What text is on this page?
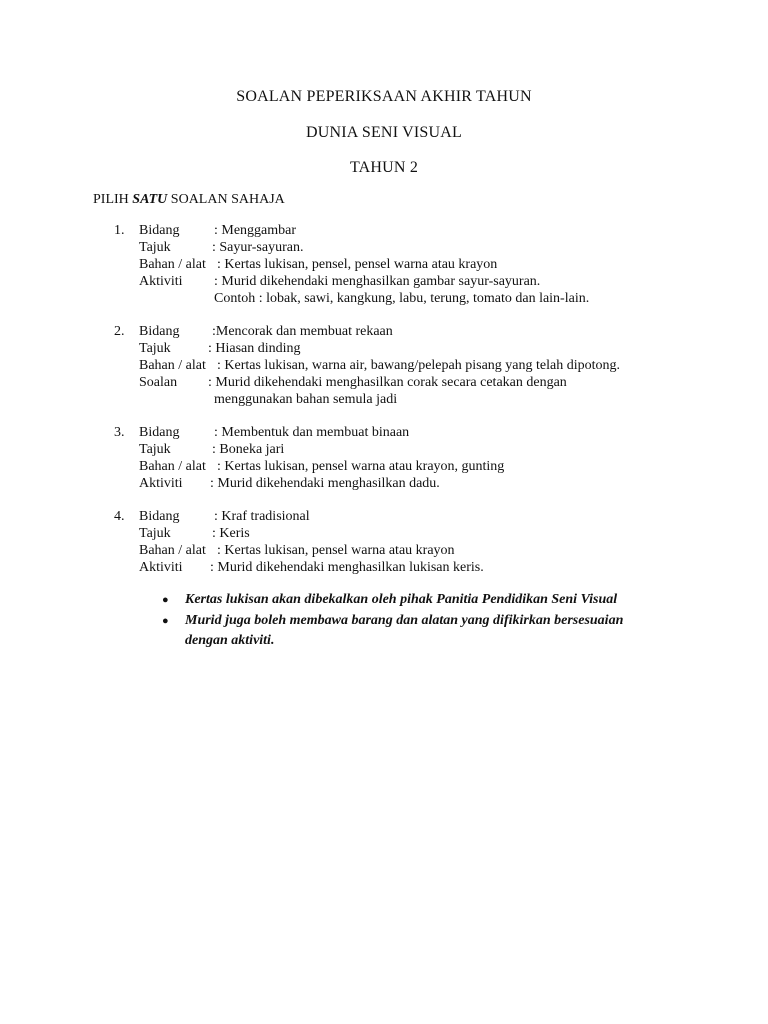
SOALAN PEPERIKSAAN AKHIR TAHUN
DUNIA SENI VISUAL
TAHUN 2
PILIH SATU SOALAN SAHAJA
1. Bidang : Menggambar
Tajuk	: Sayur-sayuran.
Bahan / alat : Kertas lukisan, pensel, pensel warna atau krayon
Aktiviti : Murid dikehendaki menghasilkan gambar sayur-sayuran.
Contoh : lobak, sawi, kangkung, labu, terung, tomato dan lain-lain.
2. Bidang :Mencorak dan membuat rekaan
Tajuk	: Hiasan dinding
Bahan / alat : Kertas lukisan, warna air, bawang/pelepah pisang yang telah dipotong.
Soalan : Murid dikehendaki menghasilkan corak secara cetakan dengan
menggunakan bahan semula jadi
3. Bidang : Membentuk dan membuat binaan
Tajuk	: Boneka jari
Bahan / alat : Kertas lukisan, pensel warna atau krayon, gunting
Aktiviti : Murid dikehendaki menghasilkan dadu.
4. Bidang : Kraf tradisional
Tajuk	: Keris
Bahan / alat : Kertas lukisan, pensel warna atau krayon
Aktiviti : Murid dikehendaki menghasilkan lukisan keris.
● Kertas lukisan akan dibekalkan oleh pihak Panitia Pendidikan Seni Visual
● Murid juga boleh membawa barang dan alatan yang difikirkan bersesuaian
dengan aktiviti.
